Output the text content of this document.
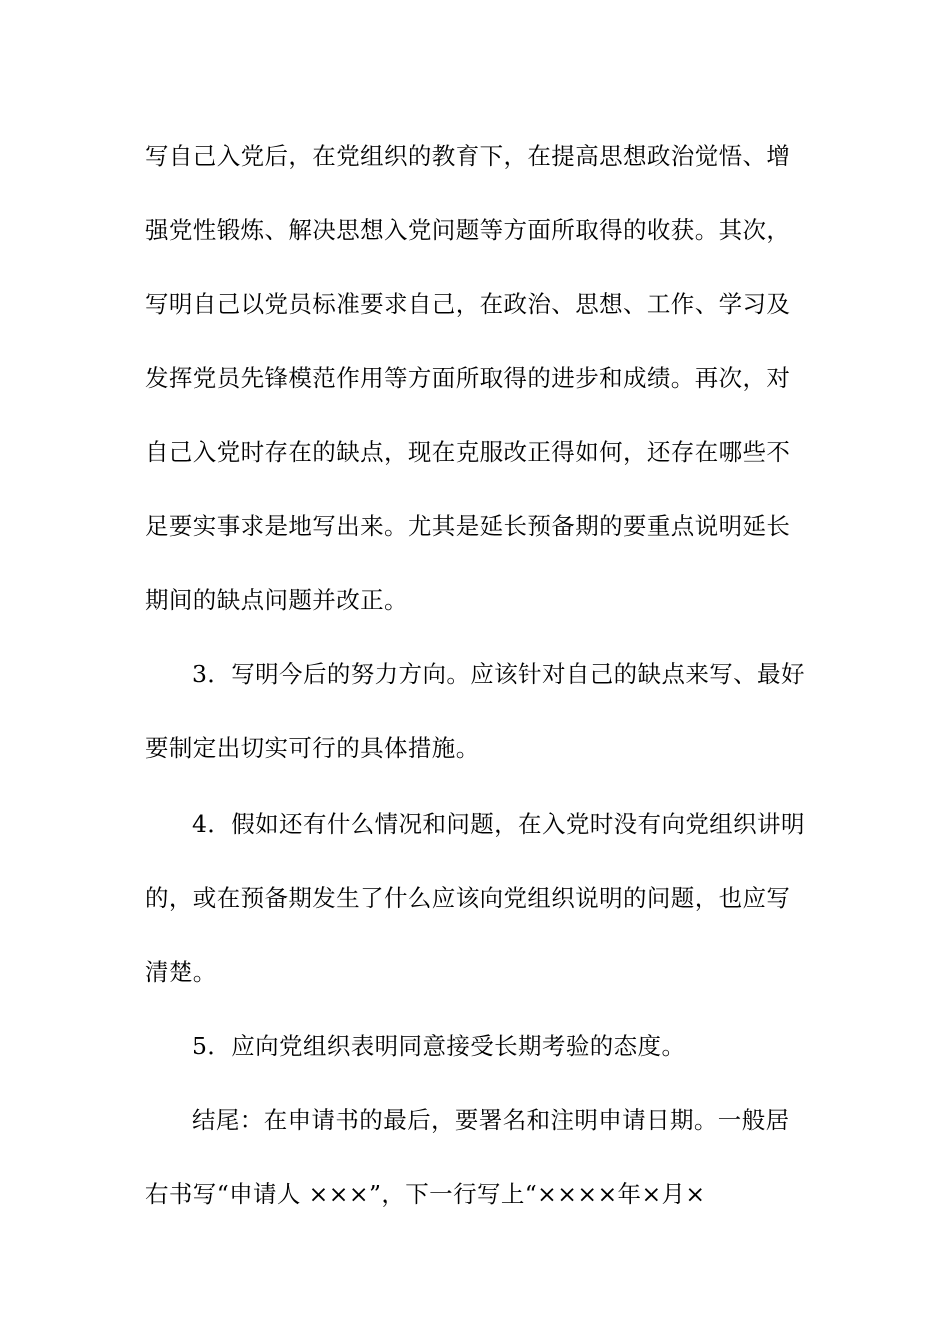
写自己入党后，在党组织的教育下，在提高思想政治觉悟、增
强党性锻炼、解决思想入党问题等方面所取得的收获。其次，
写明自己以党员标准要求自己，在政治、思想、工作、学习及
发挥党员先锋模范作用等方面所取得的进步和成绩。再次，对
自己入党时存在的缺点，现在克服改正得如何，还存在哪些不
足要实事求是地写出来。尤其是延长预备期的要重点说明延长
期间的缺点问题并改正。
3．写明今后的努力方向。应该针对自己的缺点来写、最好
要制定出切实可行的具体措施。
4．假如还有什么情况和问题，在入党时没有向党组织讲明
的，或在预备期发生了什么应该向党组织说明的问题，也应写
清楚。
5．应向党组织表明同意接受长期考验的态度。
结尾：在申请书的最后，要署名和注明申请日期。一般居
右书写“申请人 ×××”，下一行写上“××××年×月×
